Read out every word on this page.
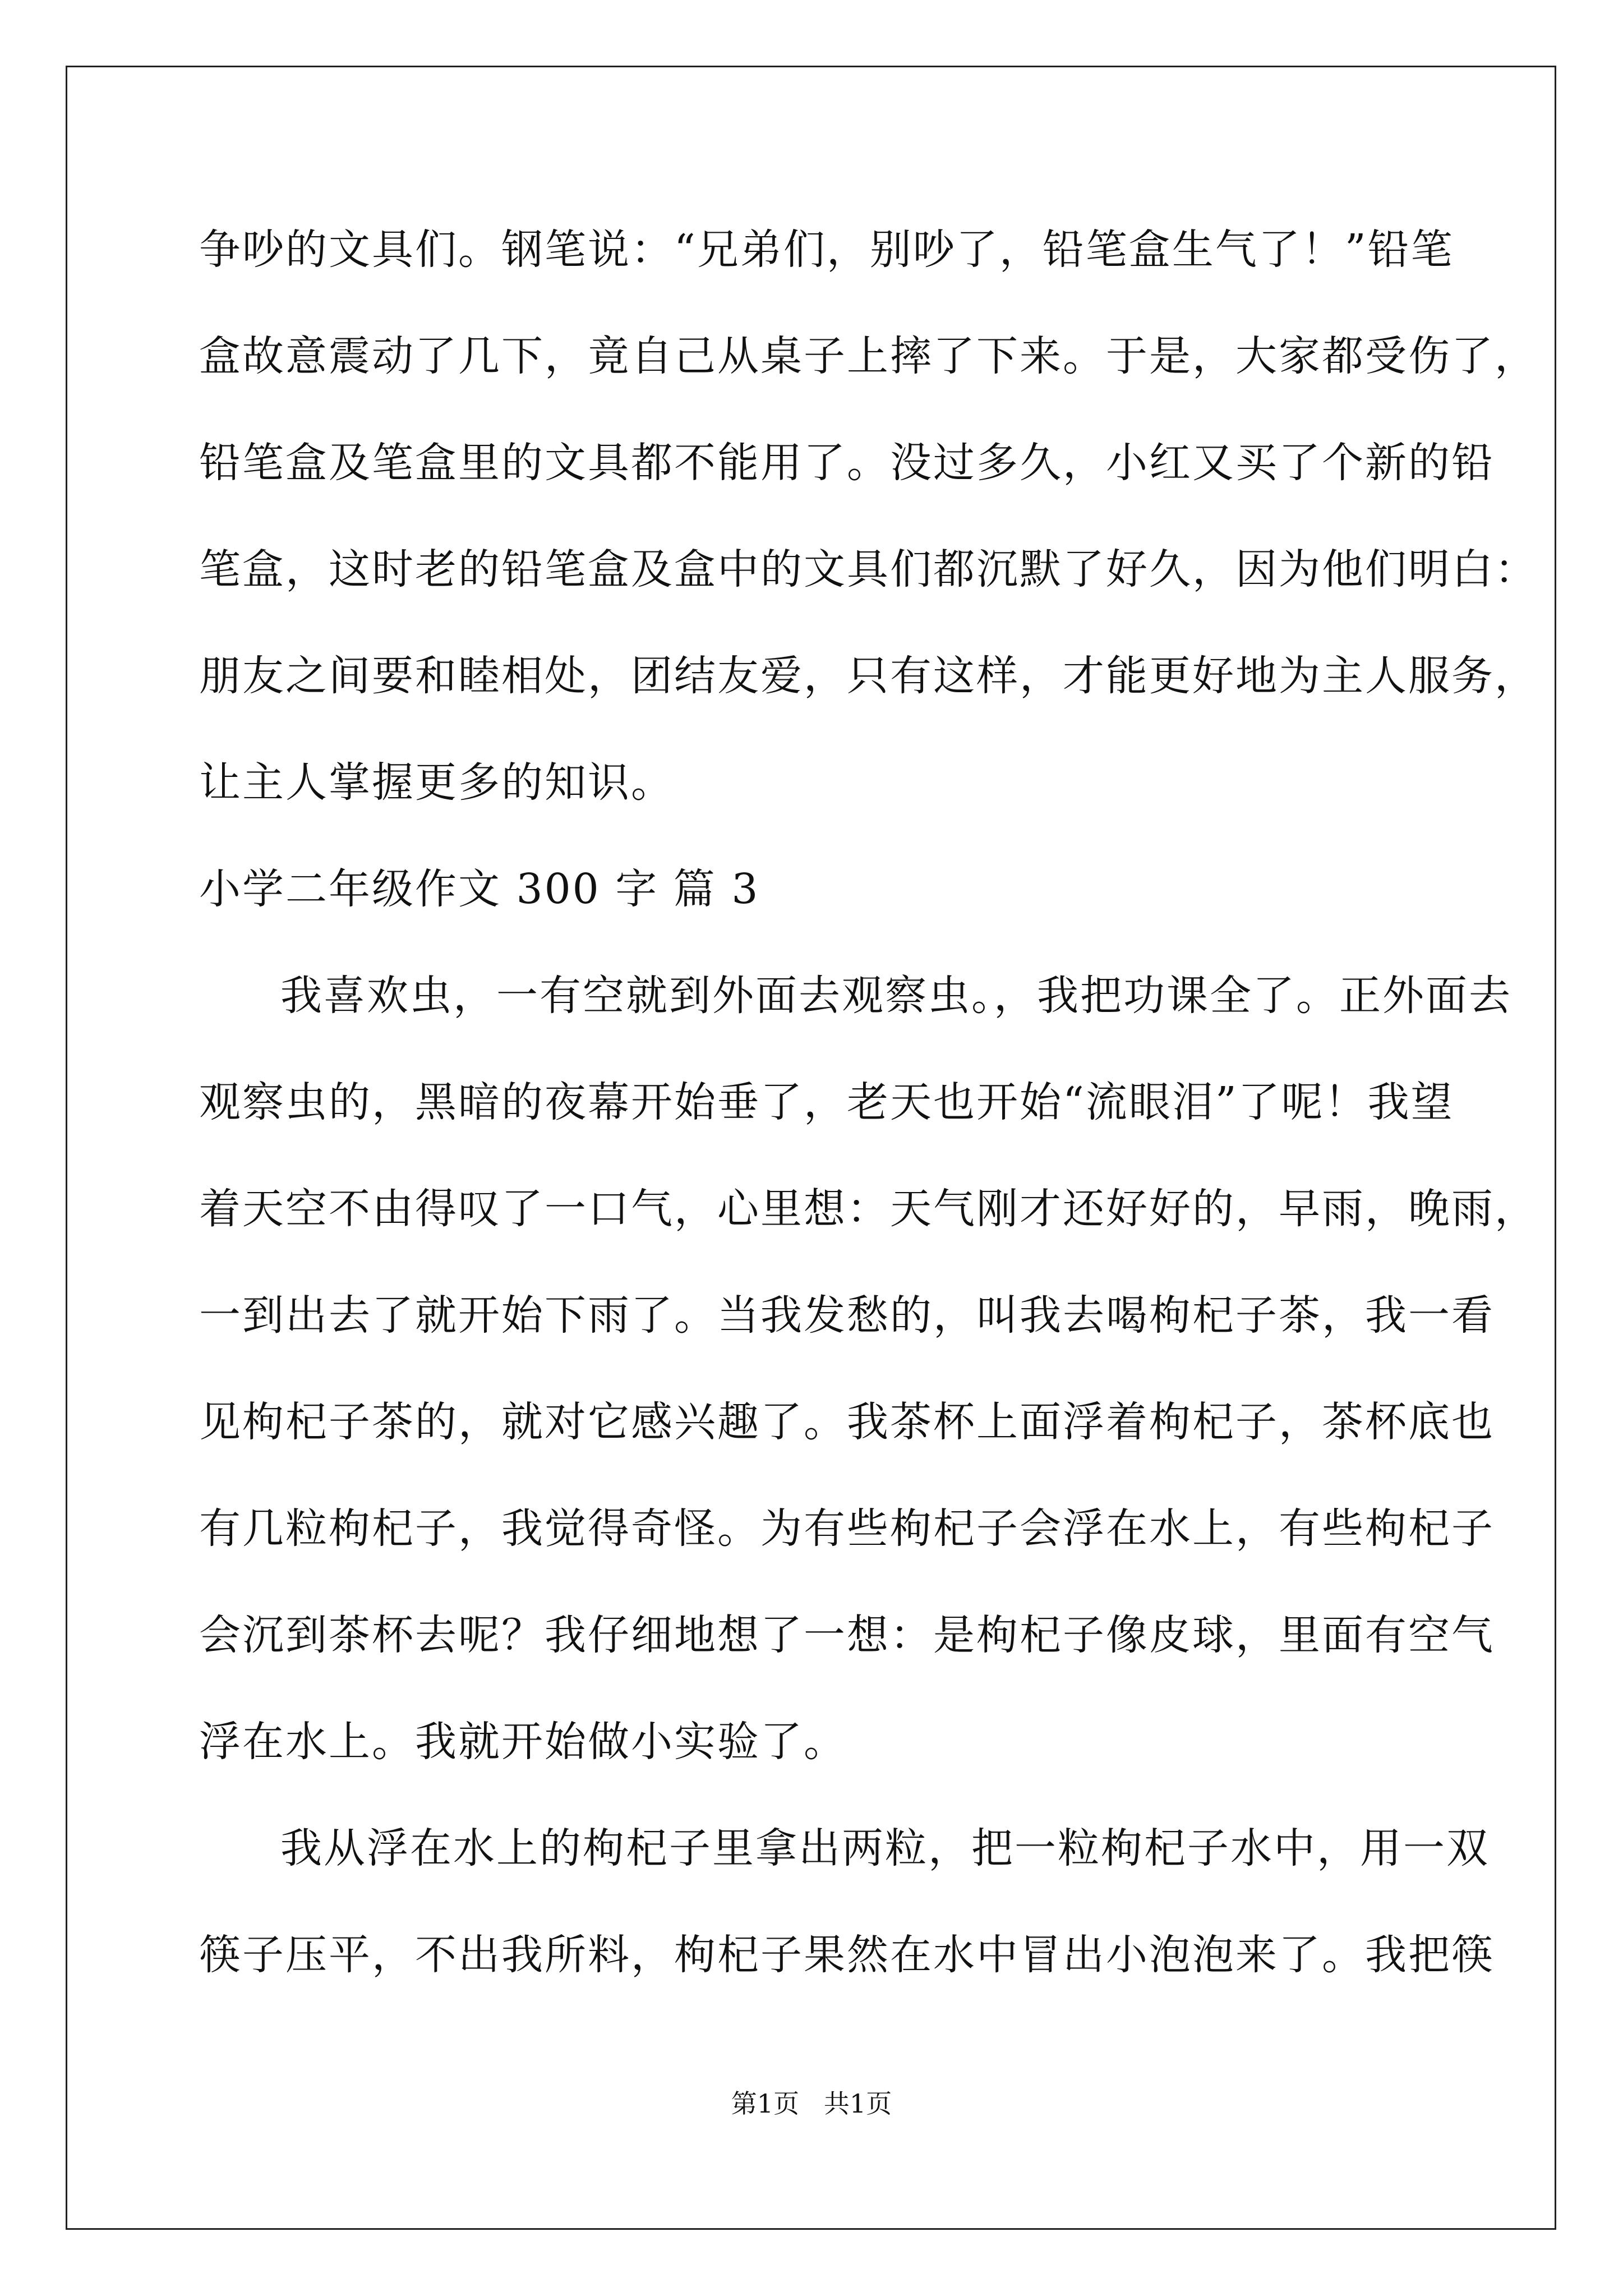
争吵的文具们。钢笔说：“兄弟们，别吵了，铅笔盒生气了！”铅笔
盒故意震动了几下，竟自己从桌子上摔了下来。于是，大家都受伤了，
铅笔盒及笔盒里的文具都不能用了。没过多久，小红又买了个新的铅
笔盒，这时老的铅笔盒及盒中的文具们都沉默了好久，因为他们明白：
朋友之间要和睦相处，团结友爱，只有这样，才能更好地为主人服务，
让主人掌握更多的知识。
小学二年级作文 300 字 篇 3
我喜欢虫，一有空就到外面去观察虫。，我把功课全了。正外面去
观察虫的，黑暗的夜幕开始垂了，老天也开始“流眼泪”了呢！我望
着天空不由得叹了一口气，心里想：天气刚才还好好的，早雨，晚雨，
一到出去了就开始下雨了。当我发愁的，叫我去喝枸杞子茶，我一看
见枸杞子茶的，就对它感兴趣了。我茶杯上面浮着枸杞子，茶杯底也
有几粒枸杞子，我觉得奇怪。为有些枸杞子会浮在水上，有些枸杞子
会沉到茶杯去呢？我仔细地想了一想：是枸杞子像皮球，里面有空气
浮在水上。我就开始做小实验了。
我从浮在水上的枸杞子里拿出两粒，把一粒枸杞子水中，用一双
筷子压平，不出我所料，枸杞子果然在水中冒出小泡泡来了。我把筷
第1页   共1页
